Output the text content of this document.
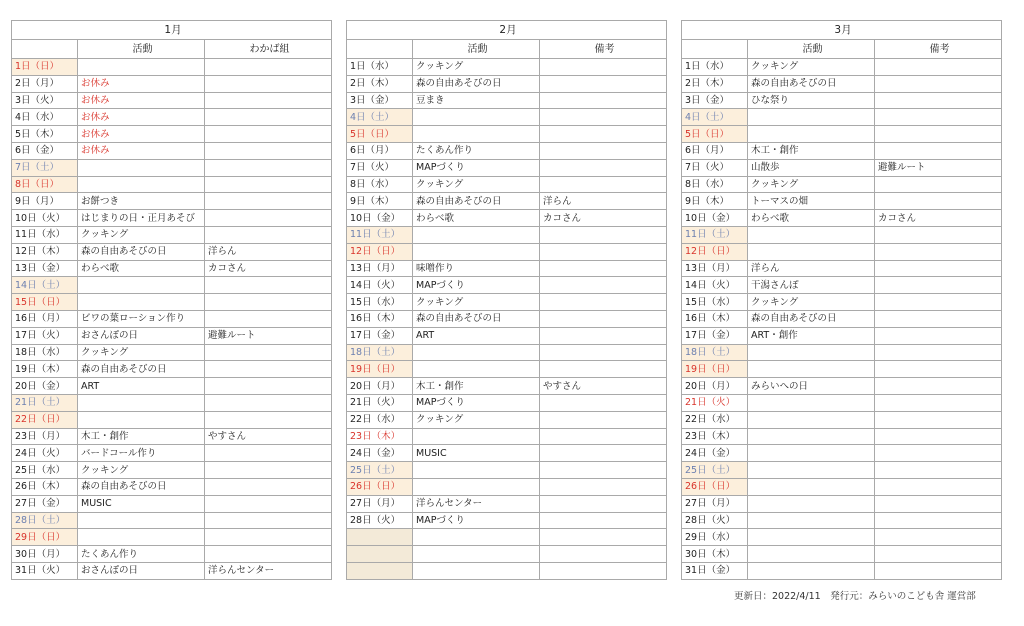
1月		
	活動	わかば組
1日（日）		
2日（月）	お休み	
3日（火）	お休み	
4日（水）	お休み	
5日（木）	お休み	
6日（金）	お休み	
7日（土）		
8日（日）		
9日（月）	お餅つき	
10日（火）	はじまりの日・正月あそび	
11日（水）	クッキング	
12日（木）	森の自由あそびの日	洋らん
13日（金）	わらべ歌	カコさん
14日（土）		
15日（日）		
16日（月）	ビワの葉ローション作り	
17日（火）	おさんぽの日	避難ルート
18日（水）	クッキング	
19日（木）	森の自由あそびの日	
20日（金）	ART	
21日（土）		
22日（日）		
23日（月）	木工・創作	やすさん
24日（火）	バードコール作り	
25日（水）	クッキング	
26日（木）	森の自由あそびの日	
27日（金）	MUSIC	
28日（土）		
29日（日）		
30日（月）	たくあん作り	
31日（火）	おさんぽの日	洋らんセンター
2月		
	活動	備考
1日（水）	クッキング	
2日（木）	森の自由あそびの日	
3日（金）	豆まき	
4日（土）		
5日（日）		
6日（月）	たくあん作り	
7日（火）	MAPづくり	
8日（水）	クッキング	
9日（木）	森の自由あそびの日	洋らん
10日（金）	わらべ歌	カコさん
11日（土）		
12日（日）		
13日（月）	味噌作り	
14日（火）	MAPづくり	
15日（水）	クッキング	
16日（木）	森の自由あそびの日	
17日（金）	ART	
18日（土）		
19日（日）		
20日（月）	木工・創作	やすさん
21日（火）	MAPづくり	
22日（水）	クッキング	
23日（木）		
24日（金）	MUSIC	
25日（土）		
26日（日）		
27日（月）	洋らんセンター	
28日（火）	MAPづくり	

3月		
	活動	備考
1日（水）	クッキング	
2日（木）	森の自由あそびの日	
3日（金）	ひな祭り	
4日（土）		
5日（日）		
6日（月）	木工・創作	
7日（火）	山散歩	避難ルート
8日（水）	クッキング	
9日（木）	トーマスの畑	
10日（金）	わらべ歌	カコさん
11日（土）		
12日（日）		
13日（月）	洋らん	
14日（火）	干潟さんぽ	
15日（水）	クッキング	
16日（木）	森の自由あそびの日	
17日（金）	ART・創作	
18日（土）		
19日（日）		
20日（月）	みらいへの日	
21日（火）		
22日（水）		
23日（木）		
24日（金）		
25日（土）		
26日（日）		
27日（月）		
28日（火）		
29日（水）		
30日（木）		
31日（金）		
更新日：2022/4/11　発行元：みらいのこども舎 運営部
